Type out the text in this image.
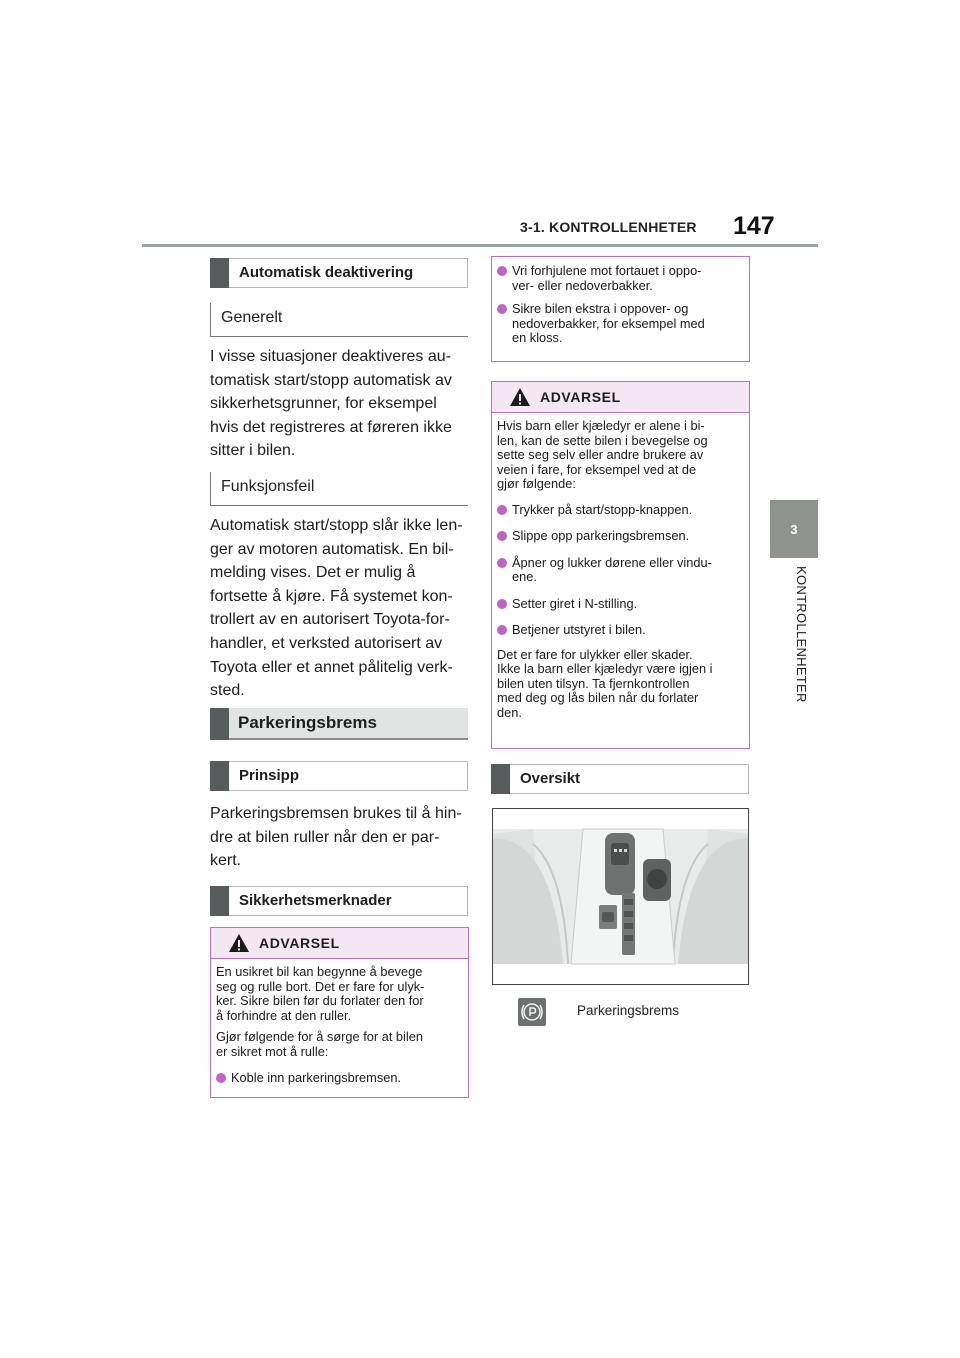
3-1. KONTROLLENHETER 147
3
KONTROLLENHETER
Automatisk deaktivering
Generelt
I visse situasjoner deaktiveres au-
tomatisk start/stopp automatisk av
sikkerhetsgrunner, for eksempel
hvis det registreres at føreren ikke
sitter i bilen.
Funksjonsfeil
Automatisk start/stopp slår ikke len-
ger av motoren automatisk. En bil-
melding vises. Det er mulig å
fortsette å kjøre. Få systemet kon-
trollert av en autorisert Toyota-for-
handler, et verksted autorisert av
Toyota eller et annet pålitelig verk-
sted.
Parkeringsbrems
Prinsipp
Parkeringsbremsen brukes til å hin-
dre at bilen ruller når den er par-
kert.
Sikkerhetsmerknader
ADVARSEL
En usikret bil kan begynne å bevege
seg og rulle bort. Det er fare for ulyk-
ker. Sikre bilen før du forlater den for
å forhindre at den ruller.
Gjør følgende for å sørge for at bilen
er sikret mot å rulle:
Koble inn parkeringsbremsen.
Vri forhjulene mot fortauet i oppo-
ver- eller nedoverbakker.
Sikre bilen ekstra i oppover- og
nedoverbakker, for eksempel med
en kloss.
ADVARSEL
Hvis barn eller kjæledyr er alene i bi-
len, kan de sette bilen i bevegelse og
sette seg selv eller andre brukere av
veien i fare, for eksempel ved at de
gjør følgende:
Trykker på start/stopp-knappen.
Slippe opp parkeringsbremsen.
Åpner og lukker dørene eller vindu-
ene.
Setter giret i N-stilling.
Betjener utstyret i bilen.
Det er fare for ulykker eller skader.
Ikke la barn eller kjæledyr være igjen i
bilen uten tilsyn. Ta fjernkontrollen
med deg og lås bilen når du forlater
den.
Oversikt
Parkeringsbrems
